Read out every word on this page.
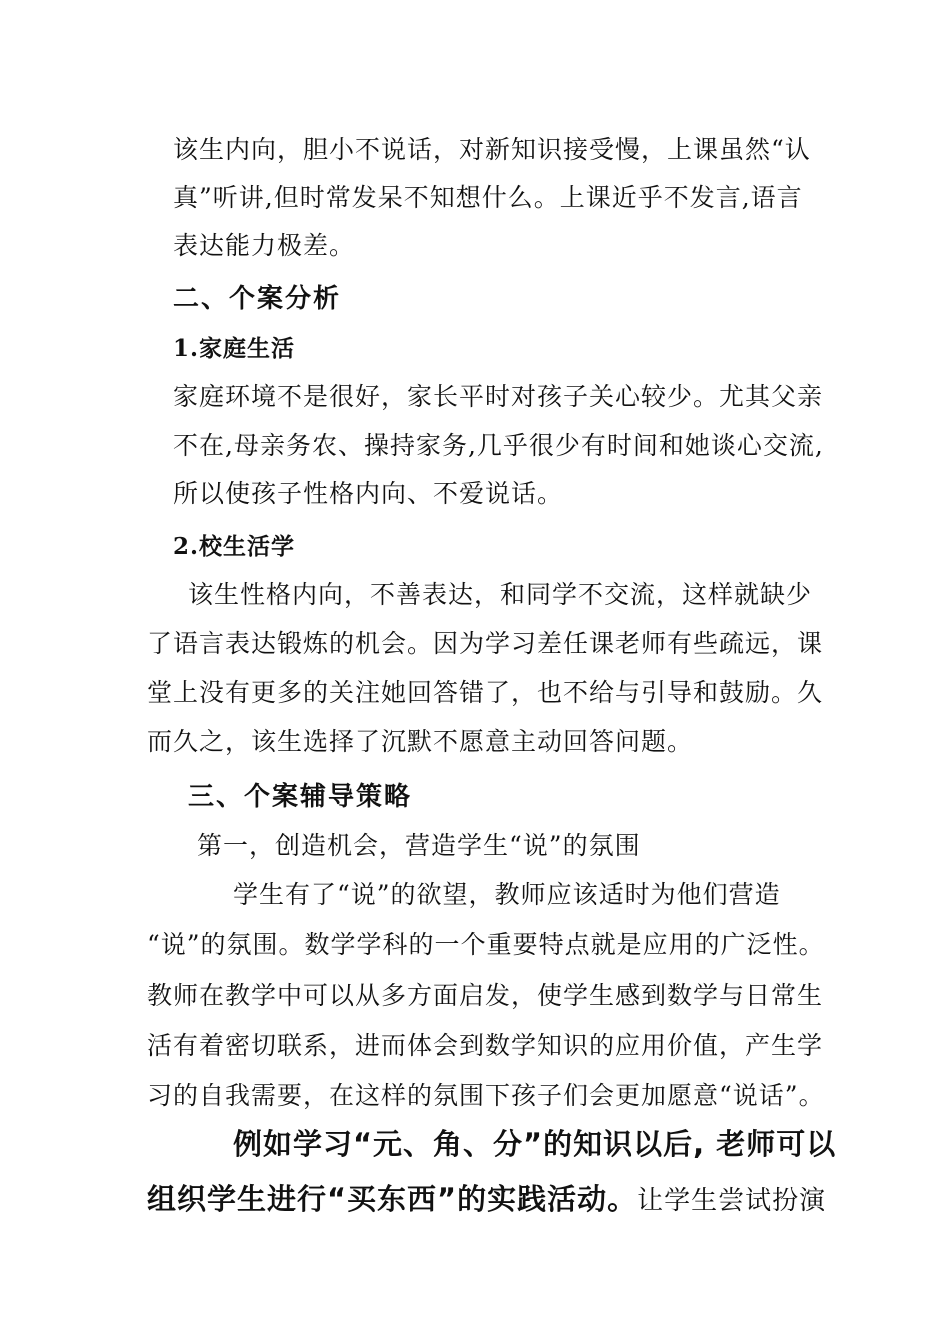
该生内向，胆小不说话，对新知识接受慢，上课虽然“认
真”听讲,但时常发呆不知想什么。上课近乎不发言,语言
表达能力极差。
二、个案分析
1.家庭生活
家庭环境不是很好，家长平时对孩子关心较少。尤其父亲
不在,母亲务农、操持家务,几乎很少有时间和她谈心交流,
所以使孩子性格内向、不爱说话。
2.校生活学
该生性格内向，不善表达，和同学不交流，这样就缺少
了语言表达锻炼的机会。因为学习差任课老师有些疏远，课
堂上没有更多的关注她回答错了，也不给与引导和鼓励。久
而久之，该生选择了沉默不愿意主动回答问题。
三、个案辅导策略
第一，创造机会，营造学生“说”的氛围
学生有了“说”的欲望，教师应该适时为他们营造
“说”的氛围。数学学科的一个重要特点就是应用的广泛性。
教师在教学中可以从多方面启发，使学生感到数学与日常生
活有着密切联系，进而体会到数学知识的应用价值，产生学
习的自我需要，在这样的氛围下孩子们会更加愿意“说话”。
例如学习“元、角、分”的知识以后, 老师可以
组织学生进行“买东西”的实践活动。让学生尝试扮演
